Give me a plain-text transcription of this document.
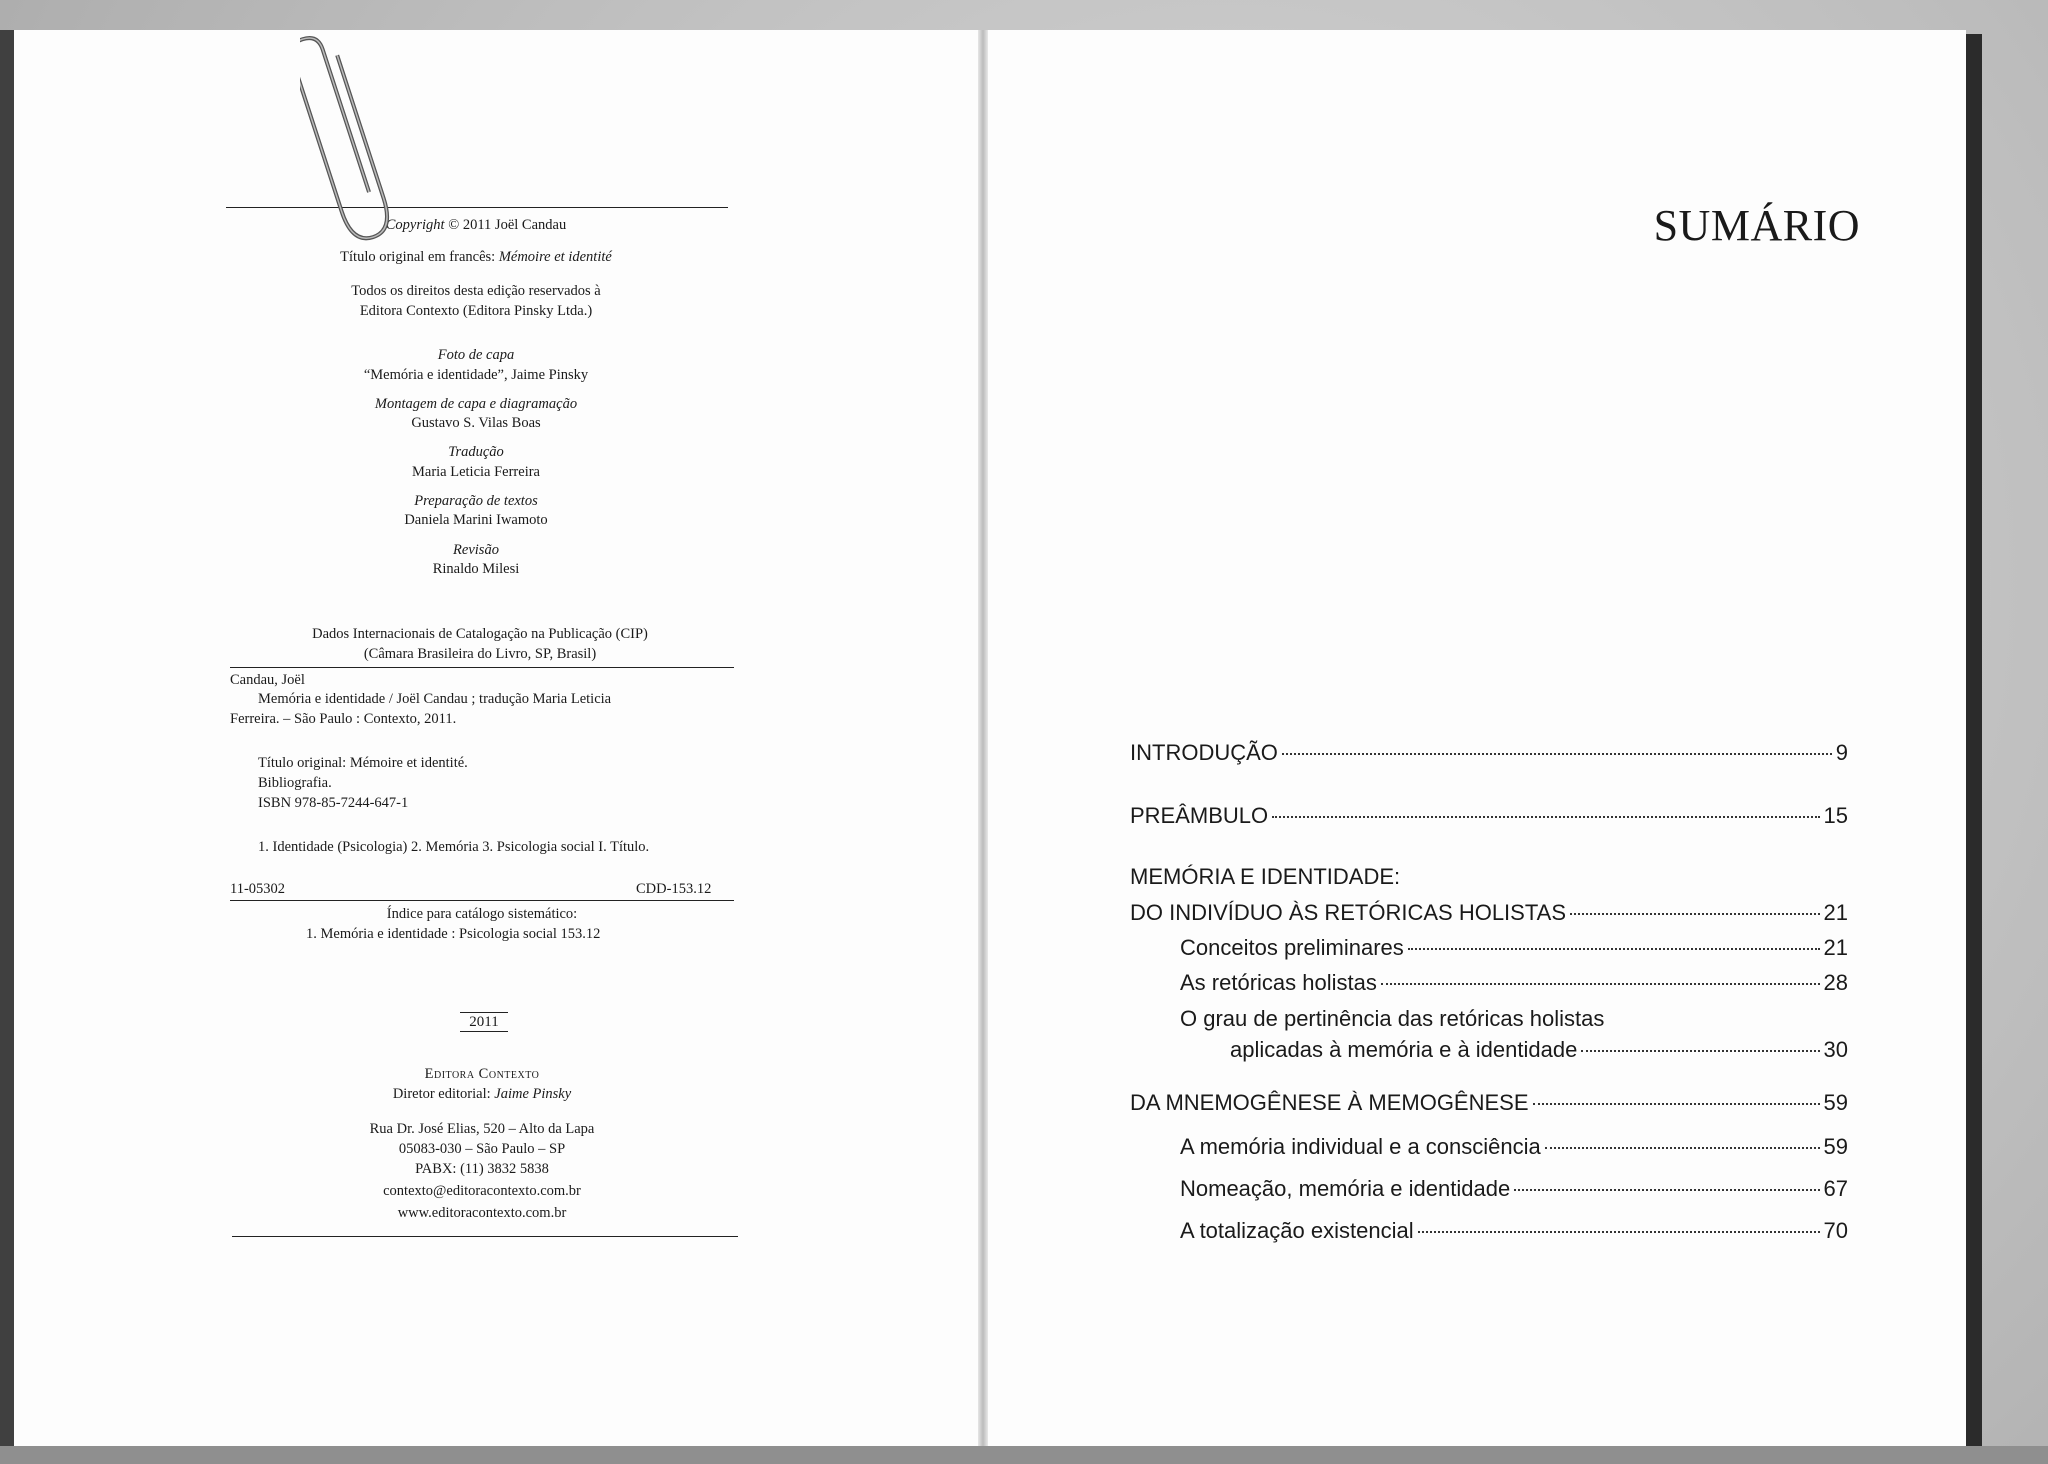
Copyright © 2011 Joël Candau
Título original em francês: Mémoire et identité
Todos os direitos desta edição reservados à
Editora Contexto (Editora Pinsky Ltda.)
Foto de capa
“Memória e identidade”, Jaime Pinsky
Montagem de capa e diagramação
Gustavo S. Vilas Boas
Tradução
Maria Leticia Ferreira
Preparação de textos
Daniela Marini Iwamoto
Revisão
Rinaldo Milesi
Dados Internacionais de Catalogação na Publicação (CIP)
(Câmara Brasileira do Livro, SP, Brasil)
Candau, Joël
Memória e identidade / Joël Candau ; tradução Maria Leticia
Ferreira. – São Paulo : Contexto, 2011.
Título original: Mémoire et identité.
Bibliografia.
ISBN 978-85-7244-647-1
1. Identidade (Psicologia) 2. Memória 3. Psicologia social I. Título.
11-05302	CDD-153.12
Índice para catálogo sistemático:
1. Memória e identidade : Psicologia social 153.12
2011
Editora Contexto
Diretor editorial: Jaime Pinsky
Rua Dr. José Elias, 520 – Alto da Lapa
05083-030 – São Paulo – SP
PABX: (11) 3832 5838
contexto@editoracontexto.com.br
www.editoracontexto.com.br
SUMÁRIO
INTRODUÇÃO	9
PREÂMBULO	15
MEMÓRIA E IDENTIDADE:
DO INDIVÍDUO ÀS RETÓRICAS HOLISTAS	21
Conceitos preliminares	21
As retóricas holistas	28
O grau de pertinência das retóricas holistas
aplicadas à memória e à identidade	30
DA MNEMOGÊNESE À MEMOGÊNESE	59
A memória individual e a consciência	59
Nomeação, memória e identidade	67
A totalização existencial	70
